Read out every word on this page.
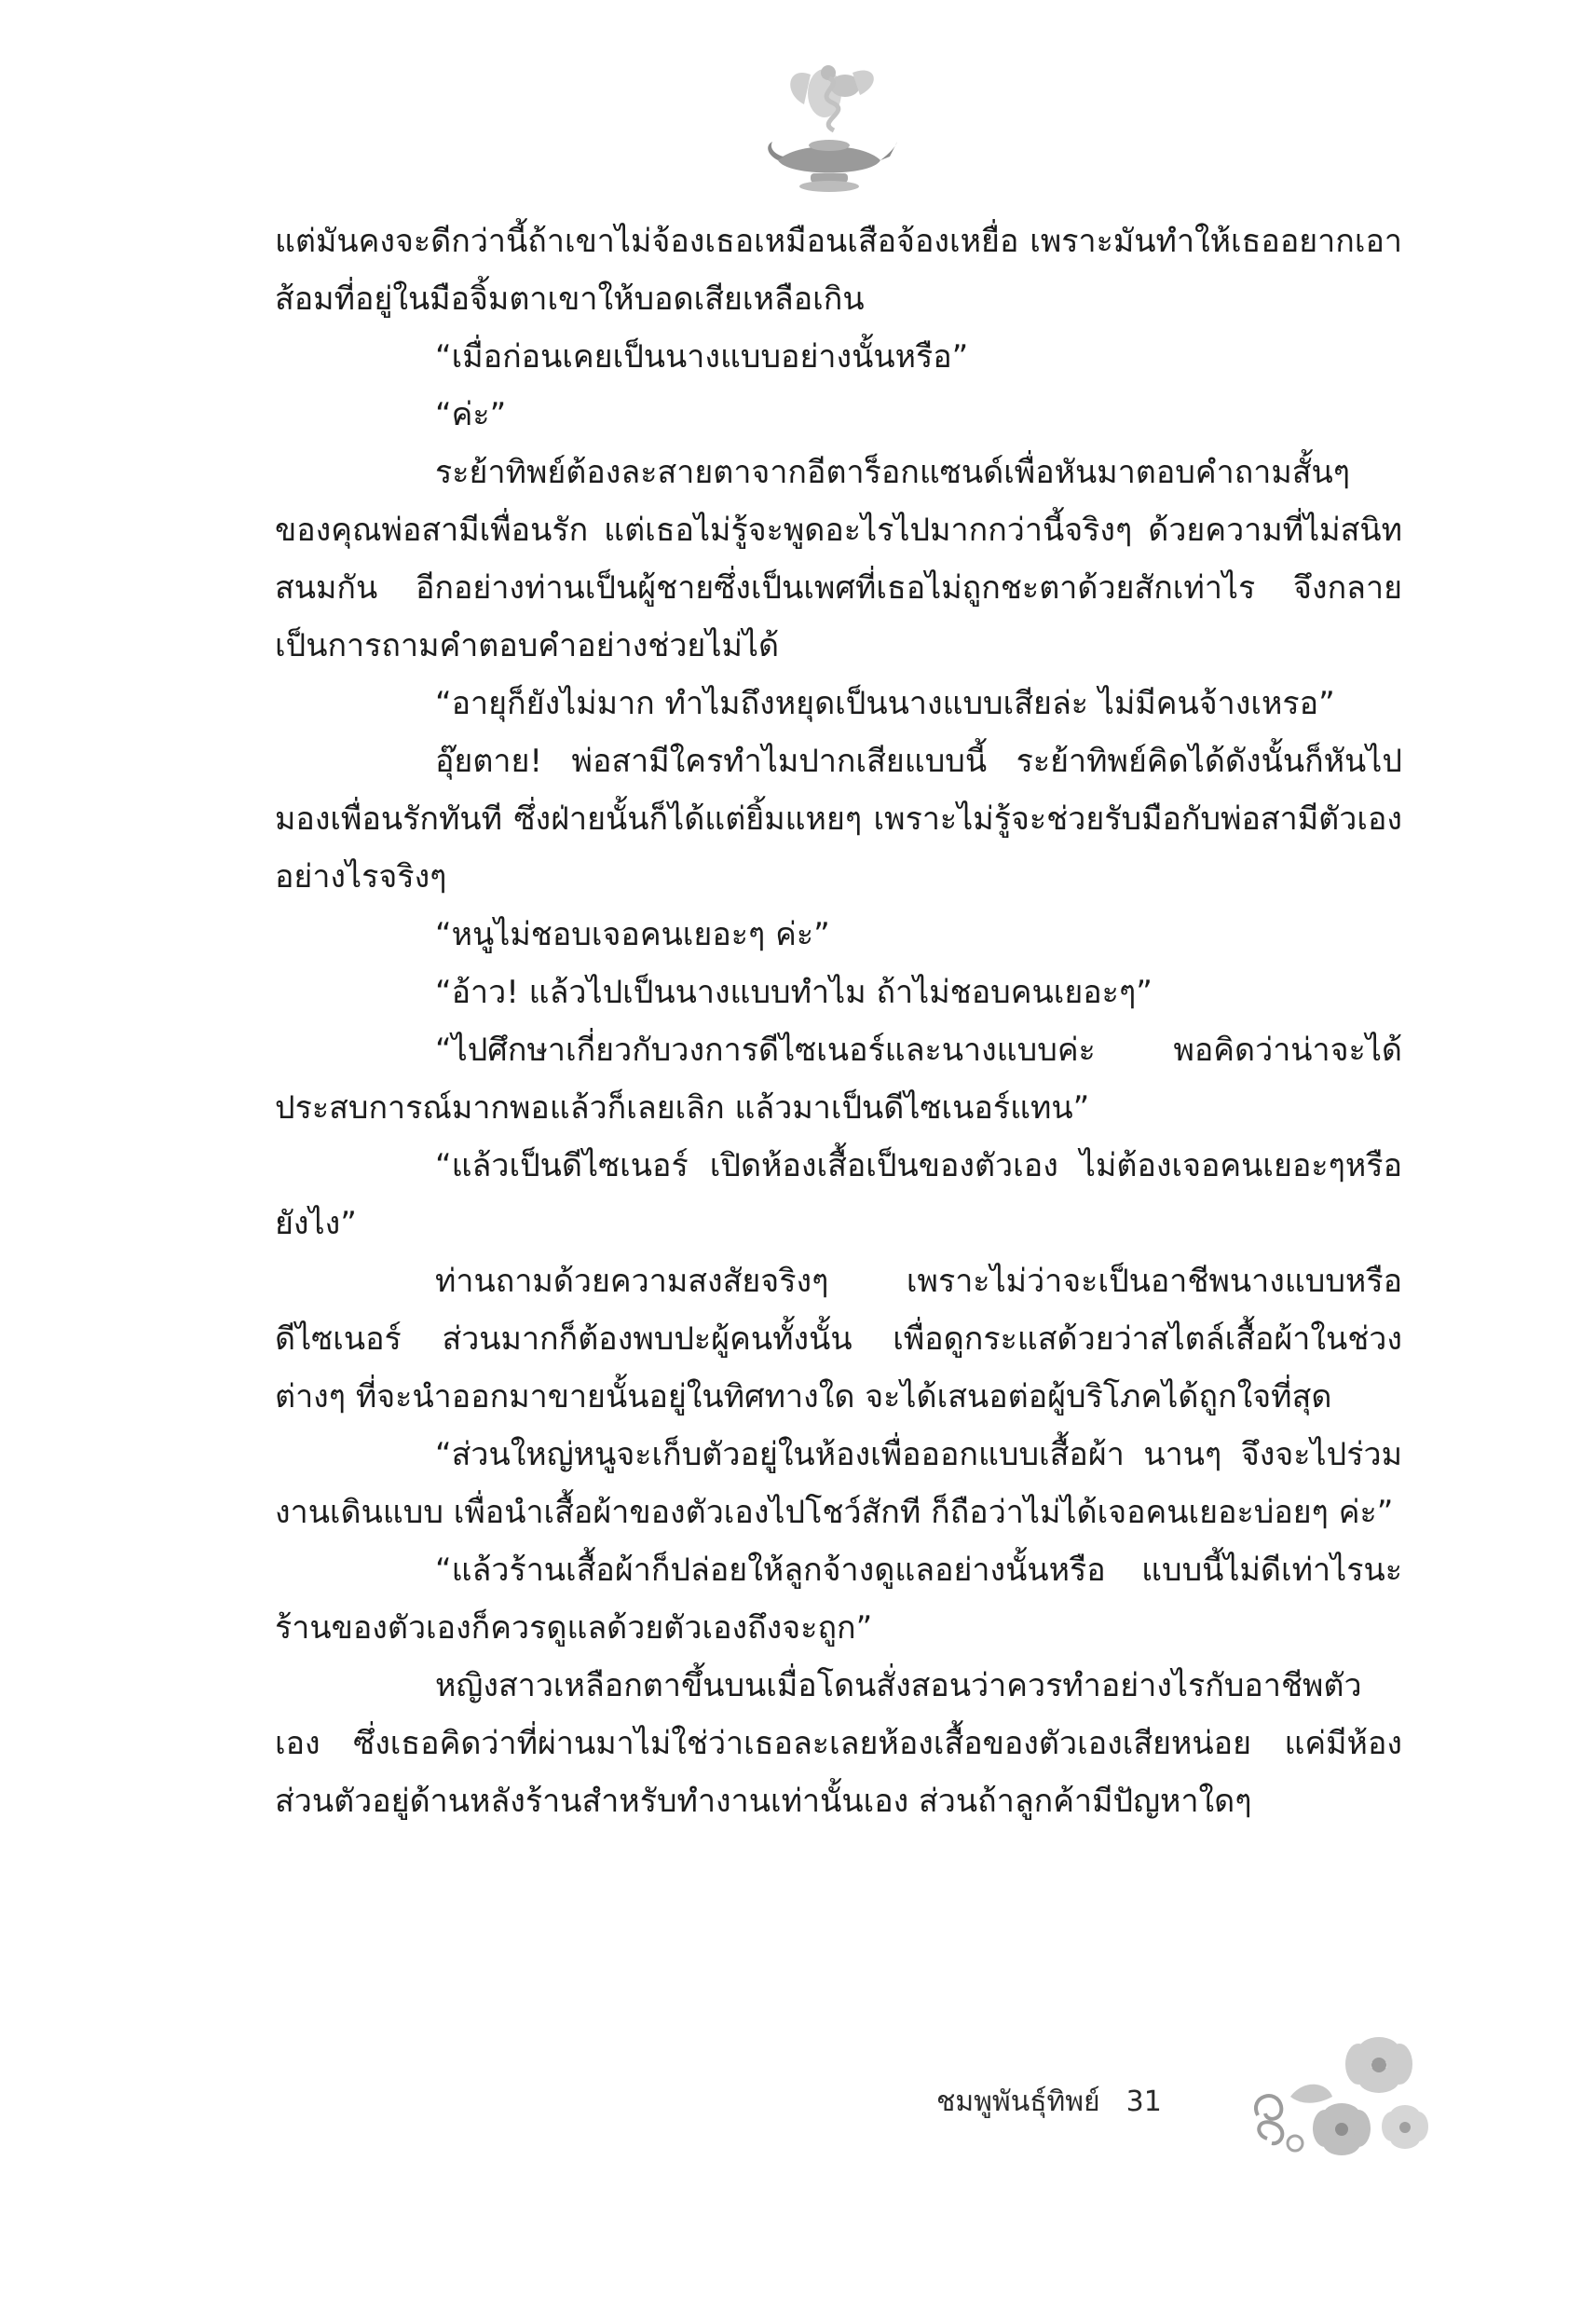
แต่มันคงจะดีกว่านี้ถ้าเขาไม่จ้องเธอเหมือนเสือจ้องเหยื่อ เพราะมันทำให้เธออยากเอาส้อมที่อยู่ในมือจิ้มตาเขาให้บอดเสียเหลือเกิน

“เมื่อก่อนเคยเป็นนางแบบอย่างนั้นหรือ”

“ค่ะ”

ระย้าทิพย์ต้องละสายตาจากอีตาร็อกแซนด์เพื่อหันมาตอบคำถามสั้นๆ ของคุณพ่อสามีเพื่อนรัก แต่เธอไม่รู้จะพูดอะไรไปมากกว่านี้จริงๆ ด้วยความที่ไม่สนิทสนมกัน อีกอย่างท่านเป็นผู้ชายซึ่งเป็นเพศที่เธอไม่ถูกชะตาด้วยสักเท่าไร จึงกลายเป็นการถามคำตอบคำอย่างช่วยไม่ได้

“อายุก็ยังไม่มาก ทำไมถึงหยุดเป็นนางแบบเสียล่ะ ไม่มีคนจ้างเหรอ”

อุ๊ยตาย! พ่อสามีใครทำไมปากเสียแบบนี้ ระย้าทิพย์คิดได้ดังนั้นก็หันไปมองเพื่อนรักทันที ซึ่งฝ่ายนั้นก็ได้แต่ยิ้มแหยๆ เพราะไม่รู้จะช่วยรับมือกับพ่อสามีตัวเองอย่างไรจริงๆ

“หนูไม่ชอบเจอคนเยอะๆ ค่ะ”

“อ้าว! แล้วไปเป็นนางแบบทำไม ถ้าไม่ชอบคนเยอะๆ”

“ไปศึกษาเกี่ยวกับวงการดีไซเนอร์และนางแบบค่ะ พอคิดว่าน่าจะได้ประสบการณ์มากพอแล้วก็เลยเลิก แล้วมาเป็นดีไซเนอร์แทน”

“แล้วเป็นดีไซเนอร์ เปิดห้องเสื้อเป็นของตัวเอง ไม่ต้องเจอคนเยอะๆหรือยังไง”

ท่านถามด้วยความสงสัยจริงๆ เพราะไม่ว่าจะเป็นอาชีพนางแบบหรือดีไซเนอร์ ส่วนมากก็ต้องพบปะผู้คนทั้งนั้น เพื่อดูกระแสด้วยว่าสไตล์เสื้อผ้าในช่วงต่างๆ ที่จะนำออกมาขายนั้นอยู่ในทิศทางใด จะได้เสนอต่อผู้บริโภคได้ถูกใจที่สุด

“ส่วนใหญ่หนูจะเก็บตัวอยู่ในห้องเพื่อออกแบบเสื้อผ้า นานๆ จึงจะไปร่วมงานเดินแบบ เพื่อนำเสื้อผ้าของตัวเองไปโชว์สักที ก็ถือว่าไม่ได้เจอคนเยอะบ่อยๆ ค่ะ”

“แล้วร้านเสื้อผ้าก็ปล่อยให้ลูกจ้างดูแลอย่างนั้นหรือ แบบนี้ไม่ดีเท่าไรนะ ร้านของตัวเองก็ควรดูแลด้วยตัวเองถึงจะถูก”

หญิงสาวเหลือกตาขึ้นบนเมื่อโดนสั่งสอนว่าควรทำอย่างไรกับอาชีพตัวเอง ซึ่งเธอคิดว่าที่ผ่านมาไม่ใช่ว่าเธอละเลยห้องเสื้อของตัวเองเสียหน่อย แค่มีห้องส่วนตัวอยู่ด้านหลังร้านสำหรับทำงานเท่านั้นเอง ส่วนถ้าลูกค้ามีปัญหาใดๆ

ชมพูพันธุ์ทิพย์ 31
